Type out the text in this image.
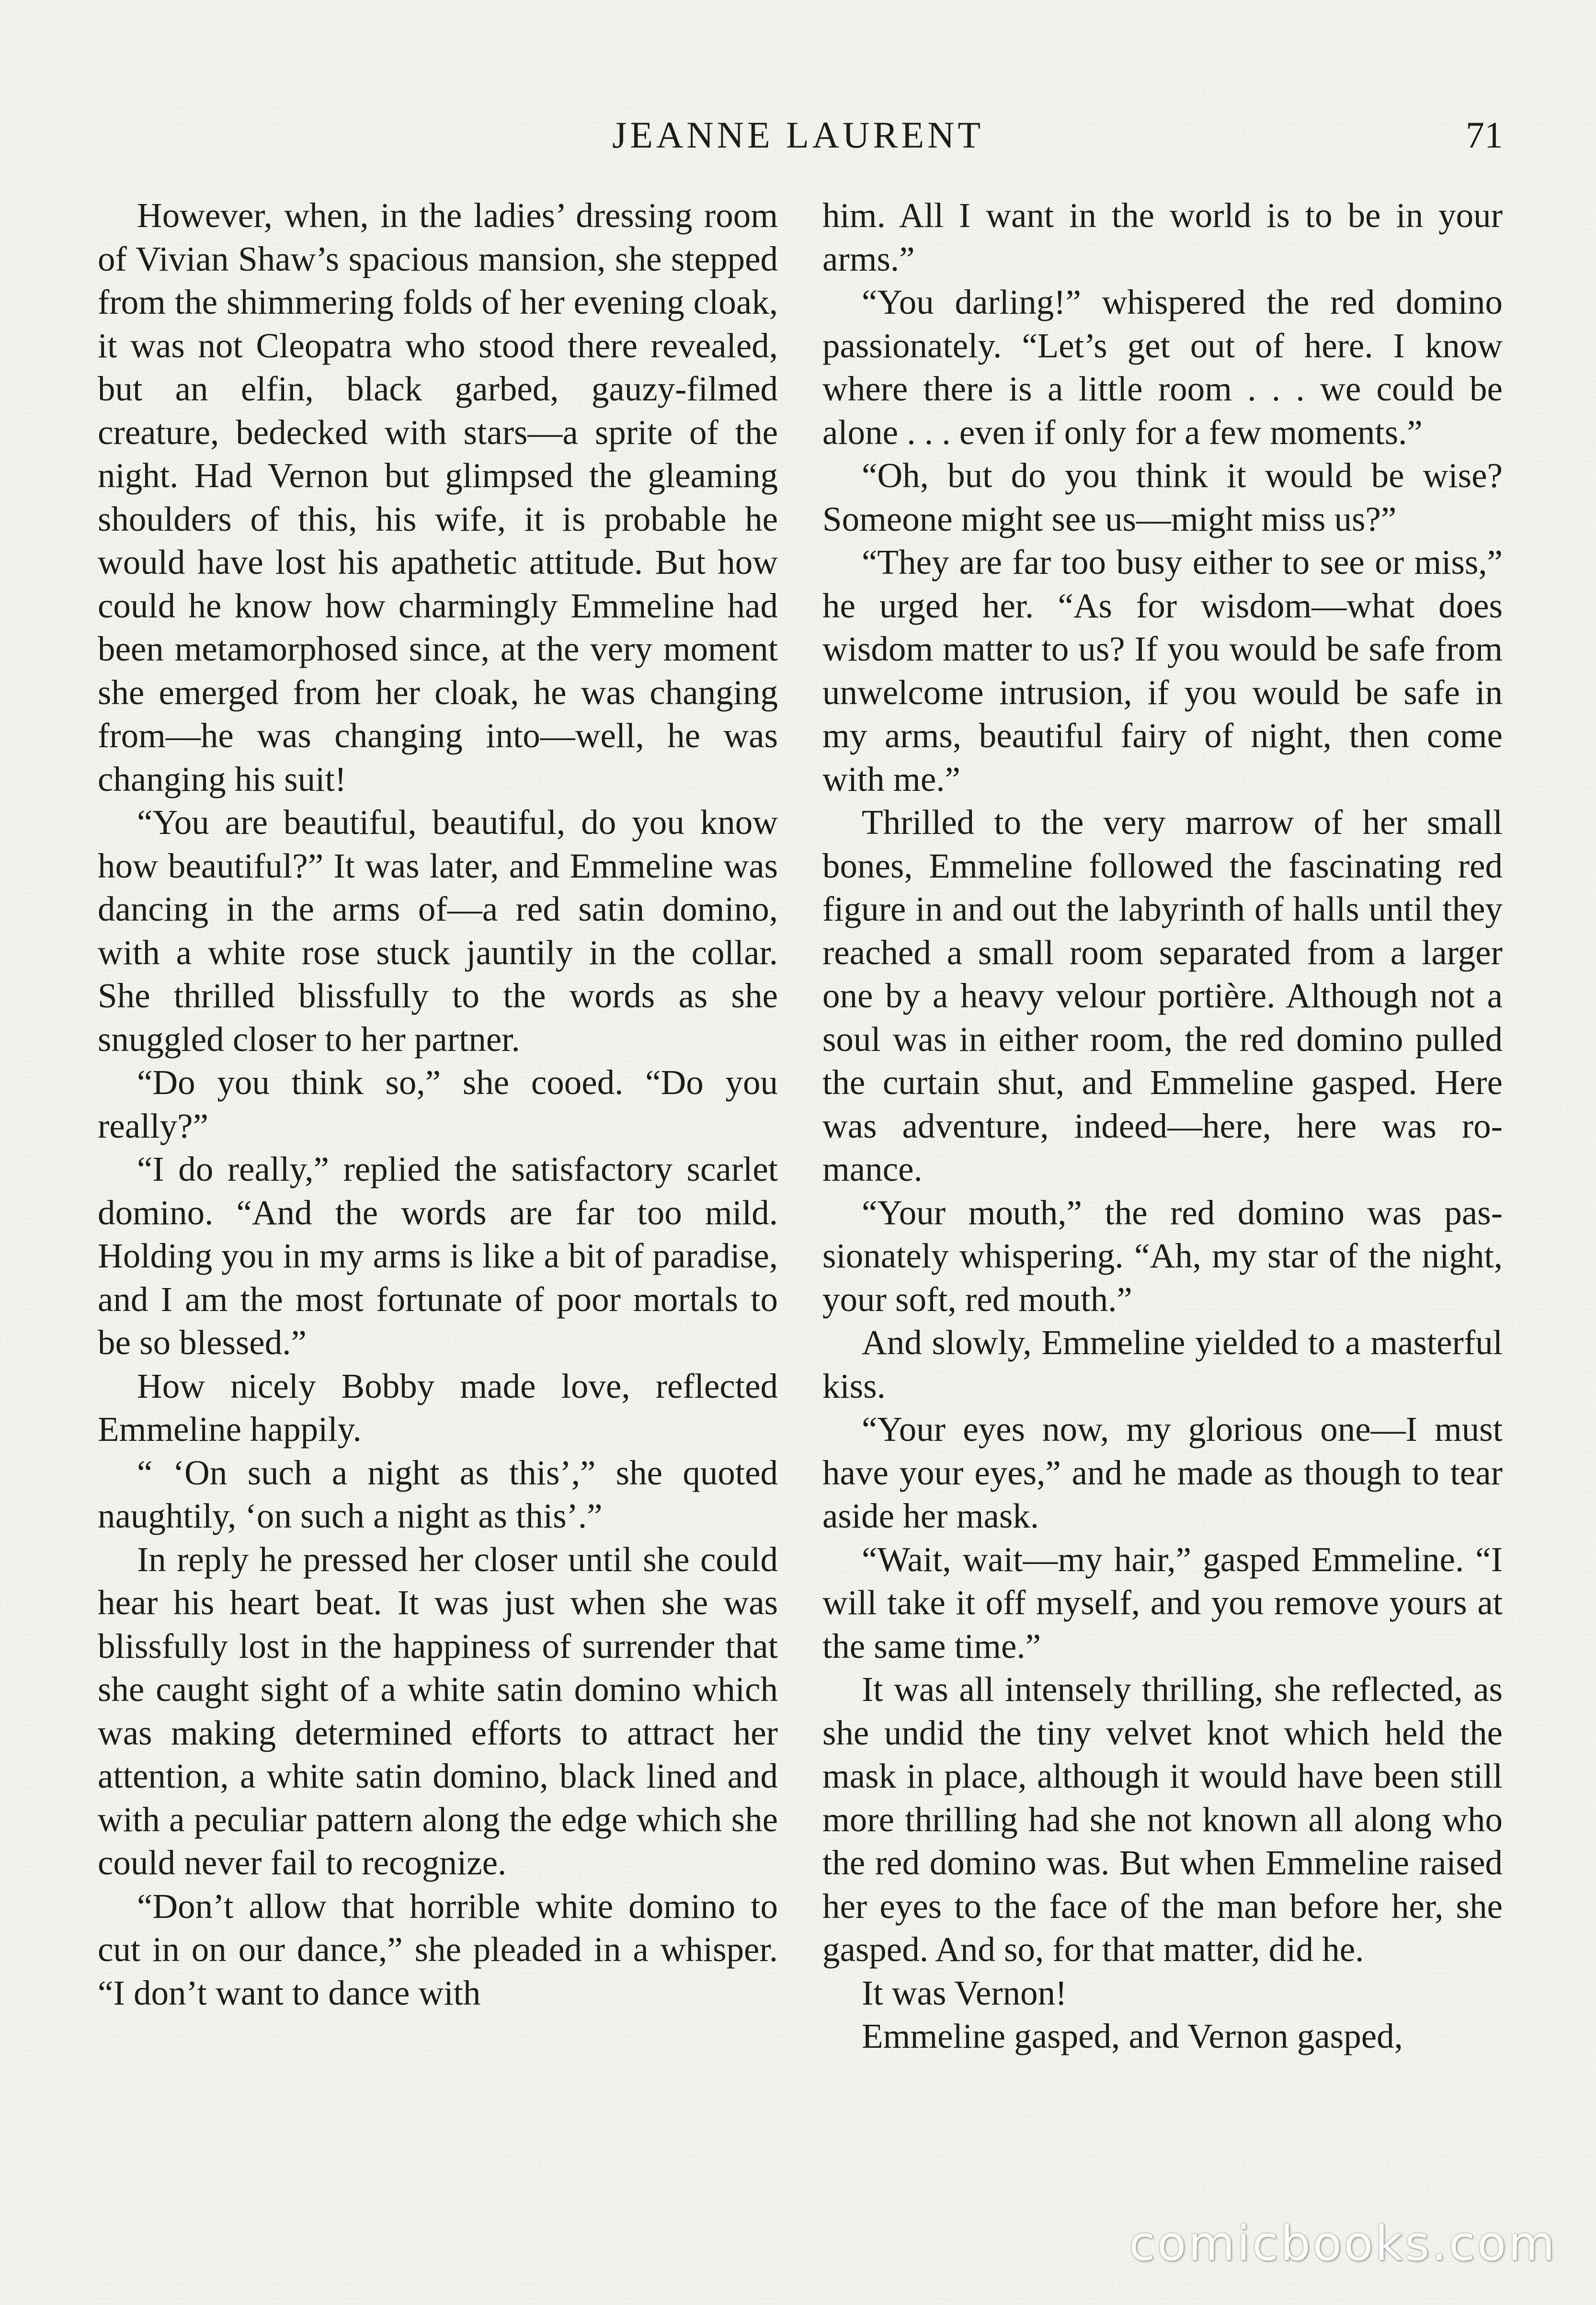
JEANNE LAURENT	71

However, when, in the ladies’ dressing room of Vivian Shaw’s spacious mansion, she stepped from the shimmering folds of her evening cloak, it was not Cleopatra who stood there revealed, but an elfin, black garbed, gauzy-filmed creature, bedecked with stars—a sprite of the night. Had Vernon but glimpsed the gleaming shoulders of this, his wife, it is probable he would have lost his apathetic attitude. But how could he know how charmingly Emmeline had been metamorphosed since, at the very moment she emerged from her cloak, he was changing from—he was changing into—well, he was changing his suit!

“You are beautiful, beautiful, do you know how beautiful?” It was later, and Emmeline was dancing in the arms of—a red satin domino, with a white rose stuck jauntily in the collar. She thrilled blissfully to the words as she snuggled closer to her partner.

“Do you think so,” she cooed. “Do you really?”

“I do really,” replied the satisfactory scarlet domino. “And the words are far too mild. Holding you in my arms is like a bit of paradise, and I am the most fortunate of poor mortals to be so blessed.”

How nicely Bobby made love, reflected Emmeline happily.

“ ‘On such a night as this’,” she quoted naughtily, ‘on such a night as this’.”

In reply he pressed her closer until she could hear his heart beat. It was just when she was blissfully lost in the happiness of surrender that she caught sight of a white satin domino which was making determined efforts to attract her attention, a white satin domino, black lined and with a peculiar pattern along the edge which she could never fail to recognize.

“Don’t allow that horrible white domino to cut in on our dance,” she pleaded in a whisper. “I don’t want to dance with

him. All I want in the world is to be in your arms.”

“You darling!” whispered the red domino passionately. “Let’s get out of here. I know where there is a little room . . . we could be alone . . . even if only for a few moments.”

“Oh, but do you think it would be wise? Someone might see us—might miss us?”

“They are far too busy either to see or miss,” he urged her. “As for wisdom—what does wisdom matter to us? If you would be safe from unwelcome intrusion, if you would be safe in my arms, beautiful fairy of night, then come with me.”

Thrilled to the very marrow of her small bones, Emmeline followed the fascinating red figure in and out the labyrinth of halls until they reached a small room separated from a larger one by a heavy velour portière. Although not a soul was in either room, the red domino pulled the curtain shut, and Emmeline gasped. Here was adventure, indeed—here, here was romance.

“Your mouth,” the red domino was passionately whispering. “Ah, my star of the night, your soft, red mouth.”

And slowly, Emmeline yielded to a masterful kiss.

“Your eyes now, my glorious one—I must have your eyes,” and he made as though to tear aside her mask.

“Wait, wait—my hair,” gasped Emmeline. “I will take it off myself, and you remove yours at the same time.”

It was all intensely thrilling, she reflected, as she undid the tiny velvet knot which held the mask in place, although it would have been still more thrilling had she not known all along who the red domino was. But when Emmeline raised her eyes to the face of the man before her, she gasped. And so, for that matter, did he.

It was Vernon!

Emmeline gasped, and Vernon gasped,

comicbooks.com
